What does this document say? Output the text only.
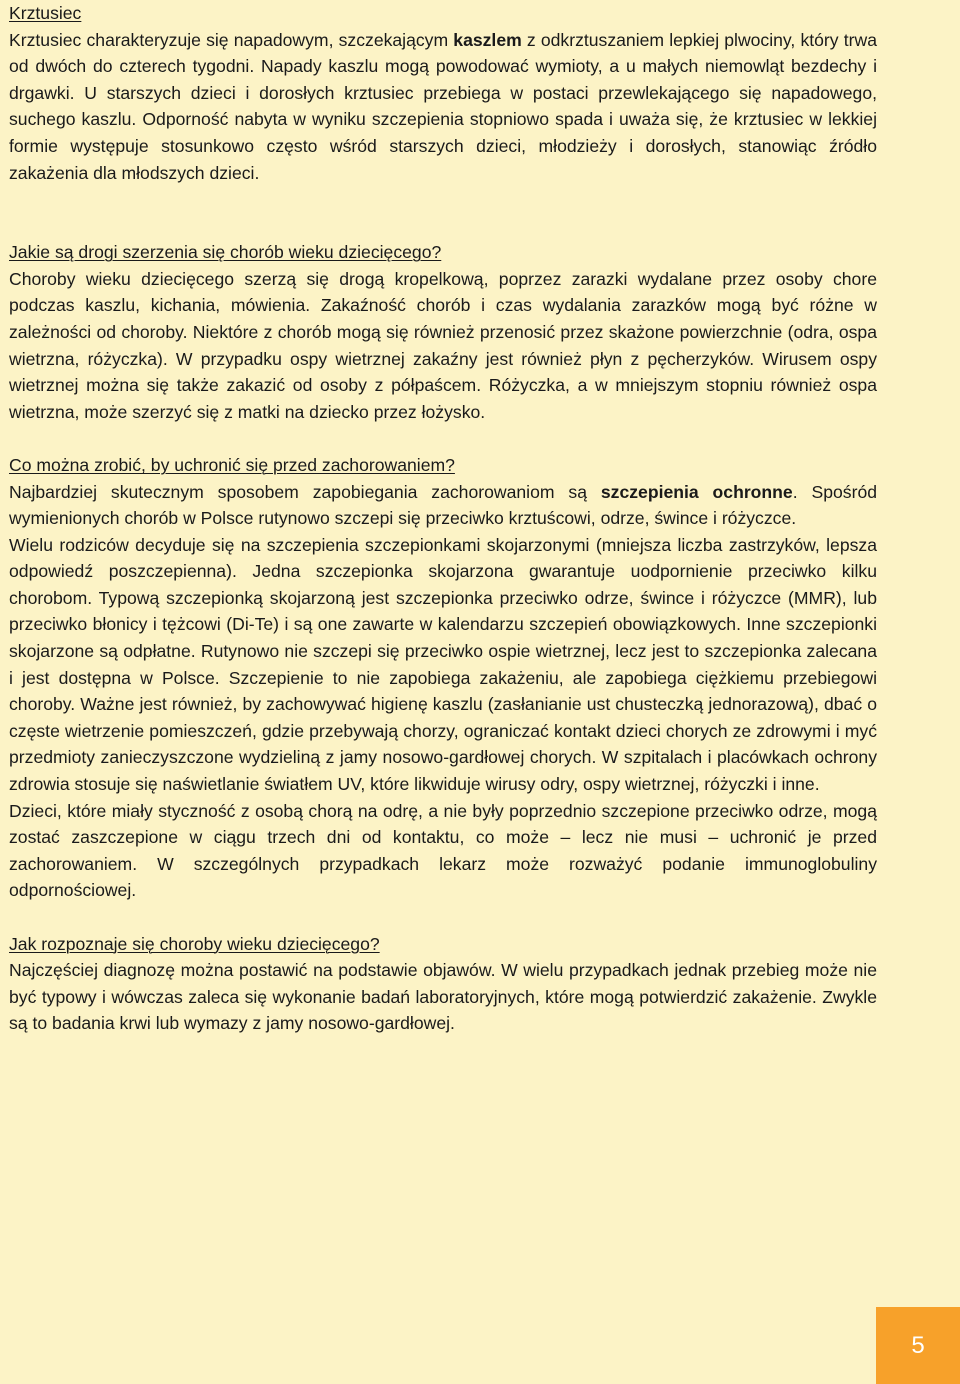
Krztusiec

Krztusiec charakteryzuje się napadowym, szczekającym kaszlem z odkrztuszaniem lepkiej plwociny, który trwa od dwóch do czterech tygodni. Napady kaszlu mogą powodować wymioty, a u małych niemowląt bezdechy i drgawki. U starszych dzieci i dorosłych krztusiec przebiega w postaci przewlekającego się napadowego, suchego kaszlu. Odporność nabyta w wyniku szczepienia stopniowo spada i uważa się, że krztusiec w lekkiej formie występuje stosunkowo często wśród starszych dzieci, młodzieży i dorosłych, stanowiąc źródło zakażenia dla młodszych dzieci.

Jakie są drogi szerzenia się chorób wieku dziecięcego?

Choroby wieku dziecięcego szerzą się drogą kropelkową, poprzez zarazki wydalane przez osoby chore podczas kaszlu, kichania, mówienia. Zakaźność chorób i czas wydalania zarazków mogą być różne w zależności od choroby. Niektóre z chorób mogą się również przenosić przez skażone powierzchnie (odra, ospa wietrzna, różyczka). W przypadku ospy wietrznej zakaźny jest również płyn z pęcherzyków. Wirusem ospy wietrznej można się także zakazić od osoby z półpaścem. Różyczka, a w mniejszym stopniu również ospa wietrzna, może szerzyć się z matki na dziecko przez łożysko.

Co można zrobić, by uchronić się przed zachorowaniem?

Najbardziej skutecznym sposobem zapobiegania zachorowaniom są szczepienia ochronne. Spośród wymienionych chorób w Polsce rutynowo szczepi się przeciwko krztuścowi, odrze, śwince i różyczce.

Wielu rodziców decyduje się na szczepienia szczepionkami skojarzonymi (mniejsza liczba zastrzyków, lepsza odpowiedź poszczepienna). Jedna szczepionka skojarzona gwarantuje uodpornienie przeciwko kilku chorobom. Typową szczepionką skojarzoną jest szczepionka przeciwko odrze, śwince i różyczce (MMR), lub przeciwko błonicy i tężcowi (Di-Te) i są one zawarte w kalendarzu szczepień obowiązkowych. Inne szczepionki skojarzone są odpłatne. Rutynowo nie szczepi się przeciwko ospie wietrznej, lecz jest to szczepionka zalecana i jest dostępna w Polsce. Szczepienie to nie zapobiega zakażeniu, ale zapobiega ciężkiemu przebiegowi choroby. Ważne jest również, by zachowywać higienę kaszlu (zasłanianie ust chusteczką jednorazową), dbać o częste wietrzenie pomieszczeń, gdzie przebywają chorzy, ograniczać kontakt dzieci chorych ze zdrowymi i myć przedmioty zanieczyszczone wydzieliną z jamy nosowo-gardłowej chorych. W szpitalach i placówkach ochrony zdrowia stosuje się naświetlanie światłem UV, które likwiduje wirusy odry, ospy wietrznej, różyczki i inne.

Dzieci, które miały styczność z osobą chorą na odrę, a nie były poprzednio szczepione przeciwko odrze, mogą zostać zaszczepione w ciągu trzech dni od kontaktu, co może – lecz nie musi – uchronić je przed zachorowaniem. W szczególnych przypadkach lekarz może rozważyć podanie immunoglobuliny odpornościowej.

Jak rozpoznaje się choroby wieku dziecięcego?

Najczęściej diagnozę można postawić na podstawie objawów. W wielu przypadkach jednak przebieg może nie być typowy i wówczas zaleca się wykonanie badań laboratoryjnych, które mogą potwierdzić zakażenie. Zwykle są to badania krwi lub wymazy z jamy nosowo-gardłowej.

5
